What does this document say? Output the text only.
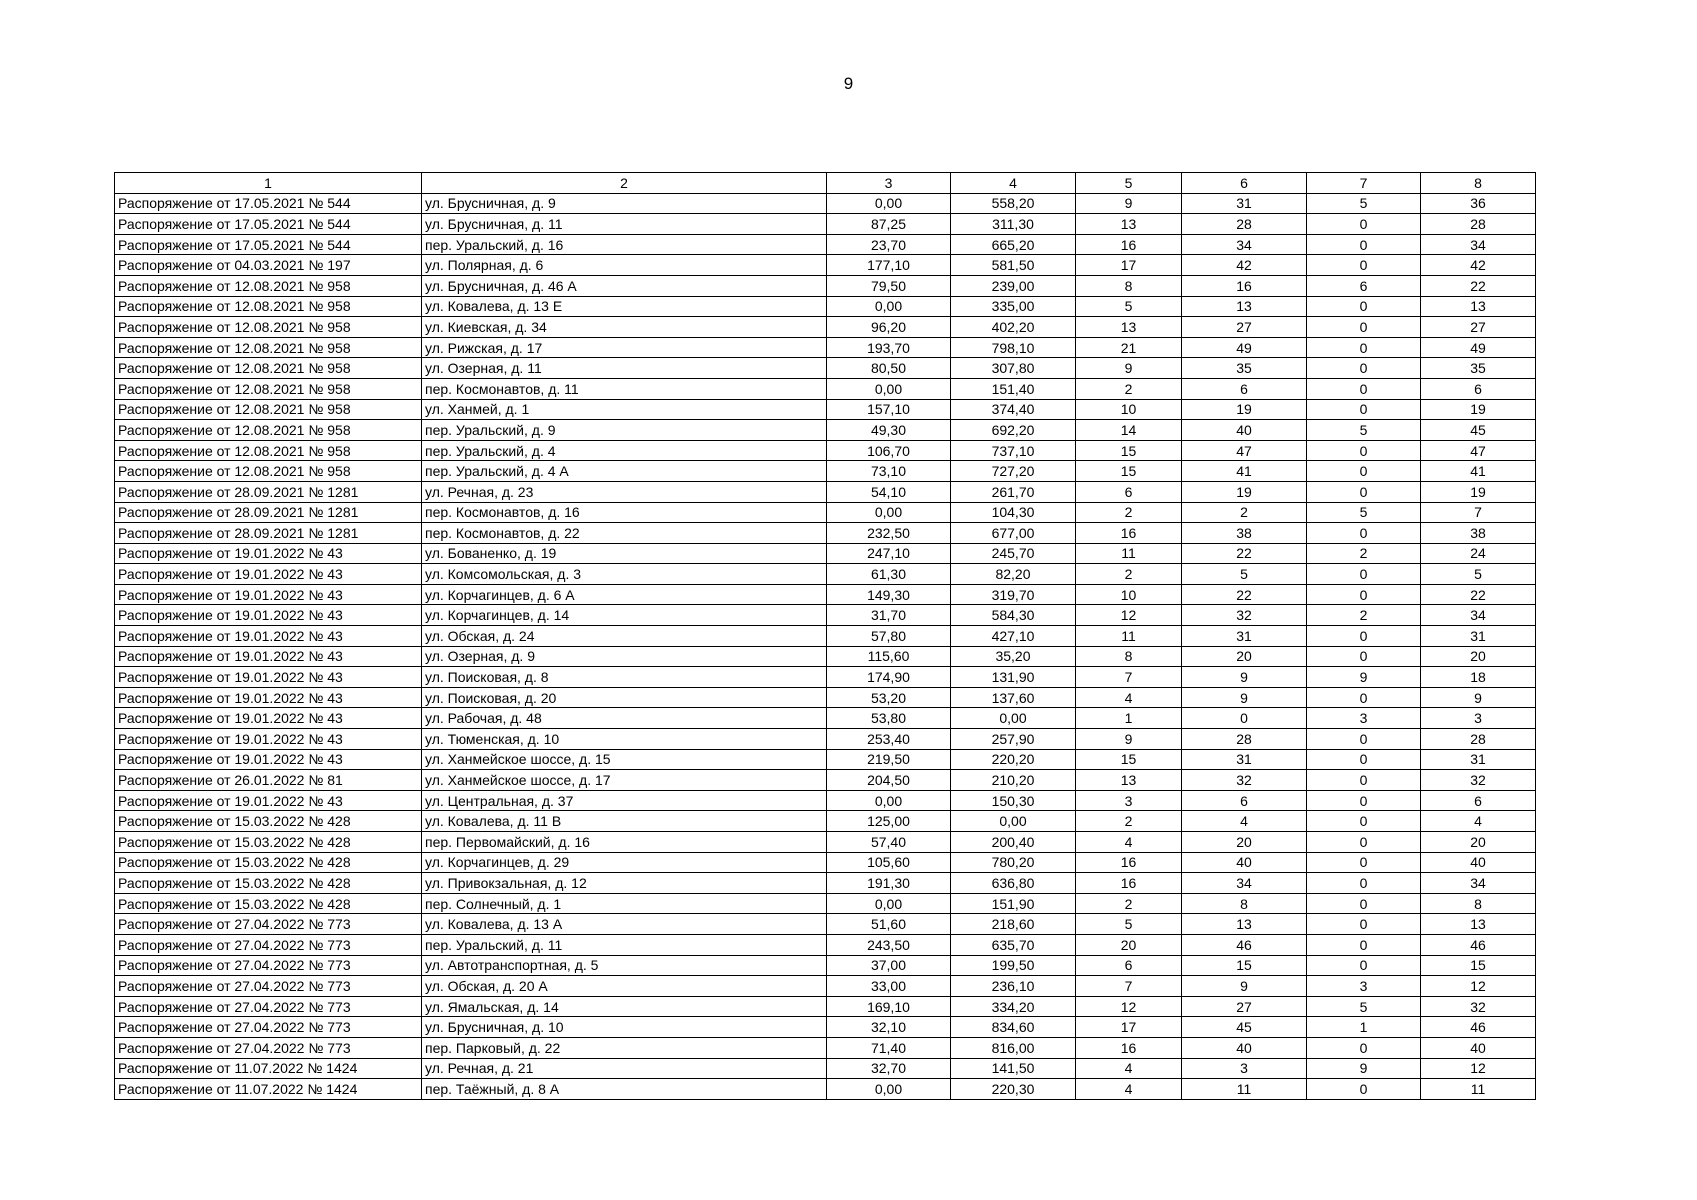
9
1	2	3	4	5	6	7	8
Распоряжение от 17.05.2021 № 544	ул. Брусничная, д. 9	0,00	558,20	9	31	5	36
Распоряжение от 17.05.2021 № 544	ул. Брусничная, д. 11	87,25	311,30	13	28	0	28
Распоряжение от 17.05.2021 № 544	пер. Уральский, д. 16	23,70	665,20	16	34	0	34
Распоряжение от 04.03.2021 № 197	ул. Полярная, д. 6	177,10	581,50	17	42	0	42
Распоряжение от 12.08.2021 № 958	ул. Брусничная, д. 46 А	79,50	239,00	8	16	6	22
Распоряжение от 12.08.2021 № 958	ул. Ковалева, д. 13 Е	0,00	335,00	5	13	0	13
Распоряжение от 12.08.2021 № 958	ул. Киевская, д. 34	96,20	402,20	13	27	0	27
Распоряжение от 12.08.2021 № 958	ул. Рижская, д. 17	193,70	798,10	21	49	0	49
Распоряжение от 12.08.2021 № 958	ул. Озерная, д. 11	80,50	307,80	9	35	0	35
Распоряжение от 12.08.2021 № 958	пер. Космонавтов, д. 11	0,00	151,40	2	6	0	6
Распоряжение от 12.08.2021 № 958	ул. Ханмей, д. 1	157,10	374,40	10	19	0	19
Распоряжение от 12.08.2021 № 958	пер. Уральский, д. 9	49,30	692,20	14	40	5	45
Распоряжение от 12.08.2021 № 958	пер. Уральский, д. 4	106,70	737,10	15	47	0	47
Распоряжение от 12.08.2021 № 958	пер. Уральский, д. 4 А	73,10	727,20	15	41	0	41
Распоряжение от 28.09.2021 № 1281	ул. Речная, д. 23	54,10	261,70	6	19	0	19
Распоряжение от 28.09.2021 № 1281	пер. Космонавтов, д. 16	0,00	104,30	2	2	5	7
Распоряжение от 28.09.2021 № 1281	пер. Космонавтов, д. 22	232,50	677,00	16	38	0	38
Распоряжение от 19.01.2022 № 43	ул. Бованенко, д. 19	247,10	245,70	11	22	2	24
Распоряжение от 19.01.2022 № 43	ул. Комсомольская, д. 3	61,30	82,20	2	5	0	5
Распоряжение от 19.01.2022 № 43	ул. Корчагинцев, д. 6 А	149,30	319,70	10	22	0	22
Распоряжение от 19.01.2022 № 43	ул. Корчагинцев, д. 14	31,70	584,30	12	32	2	34
Распоряжение от 19.01.2022 № 43	ул. Обская, д. 24	57,80	427,10	11	31	0	31
Распоряжение от 19.01.2022 № 43	ул. Озерная, д. 9	115,60	35,20	8	20	0	20
Распоряжение от 19.01.2022 № 43	ул. Поисковая, д. 8	174,90	131,90	7	9	9	18
Распоряжение от 19.01.2022 № 43	ул. Поисковая, д. 20	53,20	137,60	4	9	0	9
Распоряжение от 19.01.2022 № 43	ул. Рабочая, д. 48	53,80	0,00	1	0	3	3
Распоряжение от 19.01.2022 № 43	ул. Тюменская, д. 10	253,40	257,90	9	28	0	28
Распоряжение от 19.01.2022 № 43	ул. Ханмейское шоссе, д. 15	219,50	220,20	15	31	0	31
Распоряжение от 26.01.2022 № 81	ул. Ханмейское шоссе, д. 17	204,50	210,20	13	32	0	32
Распоряжение от 19.01.2022 № 43	ул. Центральная, д. 37	0,00	150,30	3	6	0	6
Распоряжение от 15.03.2022 № 428	ул. Ковалева, д. 11 В	125,00	0,00	2	4	0	4
Распоряжение от 15.03.2022 № 428	пер. Первомайский, д. 16	57,40	200,40	4	20	0	20
Распоряжение от 15.03.2022 № 428	ул. Корчагинцев, д. 29	105,60	780,20	16	40	0	40
Распоряжение от 15.03.2022 № 428	ул. Привокзальная, д. 12	191,30	636,80	16	34	0	34
Распоряжение от 15.03.2022 № 428	пер. Солнечный, д. 1	0,00	151,90	2	8	0	8
Распоряжение от 27.04.2022 № 773	ул. Ковалева, д. 13 А	51,60	218,60	5	13	0	13
Распоряжение от 27.04.2022 № 773	пер. Уральский, д. 11	243,50	635,70	20	46	0	46
Распоряжение от 27.04.2022 № 773	ул. Автотранспортная, д. 5	37,00	199,50	6	15	0	15
Распоряжение от 27.04.2022 № 773	ул. Обская, д. 20 А	33,00	236,10	7	9	3	12
Распоряжение от 27.04.2022 № 773	ул. Ямальская, д. 14	169,10	334,20	12	27	5	32
Распоряжение от 27.04.2022 № 773	ул. Брусничная, д. 10	32,10	834,60	17	45	1	46
Распоряжение от 27.04.2022 № 773	пер. Парковый, д. 22	71,40	816,00	16	40	0	40
Распоряжение от 11.07.2022 № 1424	ул. Речная, д. 21	32,70	141,50	4	3	9	12
Распоряжение от 11.07.2022 № 1424	пер. Таёжный, д. 8 А	0,00	220,30	4	11	0	11
